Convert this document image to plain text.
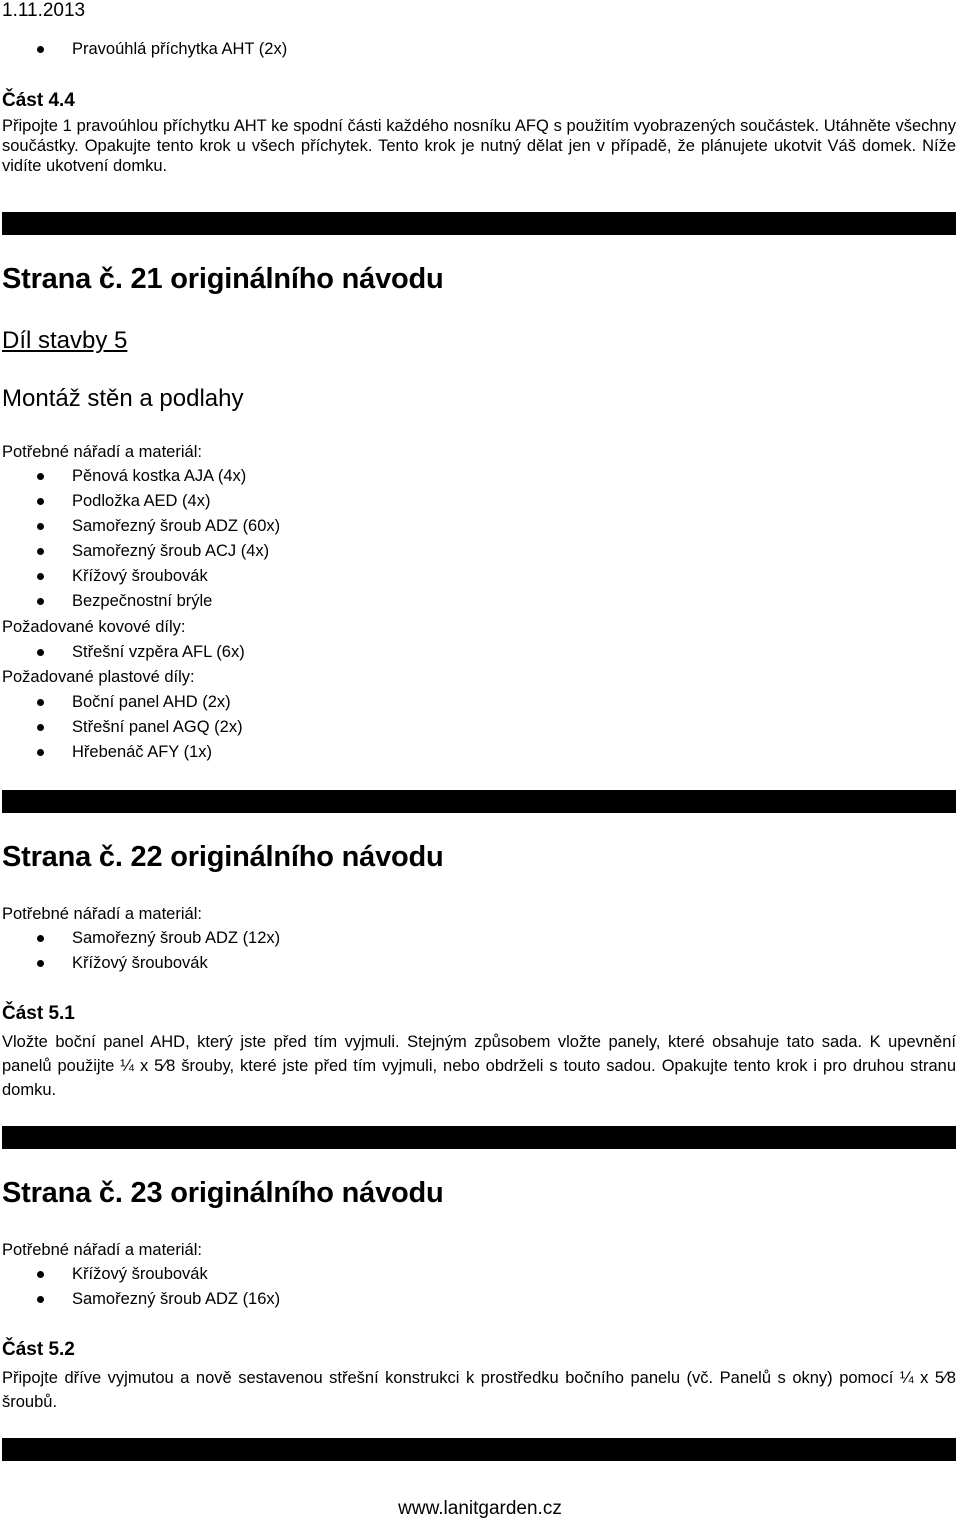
1.11.2013
Pravoúhlá příchytka AHT (2x)
Část 4.4
Připojte 1 pravoúhlou příchytku AHT ke spodní části každého nosníku AFQ s použitím vyobrazených součástek. Utáhněte všechny součástky. Opakujte tento krok u všech příchytek. Tento krok je nutný dělat jen v případě, že plánujete ukotvit Váš domek. Níže vidíte ukotvení domku.
Strana č. 21 originálního návodu
Díl stavby 5
Montáž stěn a podlahy
Potřebné nářadí a materiál:
Pěnová kostka AJA (4x)
Podložka AED (4x)
Samořezný šroub ADZ (60x)
Samořezný šroub ACJ (4x)
Křížový šroubovák
Bezpečnostní brýle
Požadované kovové díly:
Střešní vzpěra AFL (6x)
Požadované plastové díly:
Boční panel AHD (2x)
Střešní panel AGQ (2x)
Hřebenáč AFY (1x)
Strana č. 22 originálního návodu
Potřebné nářadí a materiál:
Samořezný šroub ADZ (12x)
Křížový šroubovák
Část 5.1
Vložte boční panel AHD, který jste před tím vyjmuli. Stejným způsobem vložte panely, které obsahuje tato sada. K upevnění panelů použijte ¼ x 5⁄8 šrouby, které jste před tím vyjmuli, nebo obdrželi s touto sadou. Opakujte tento krok i pro druhou stranu domku.
Strana č. 23 originálního návodu
Potřebné nářadí a materiál:
Křížový šroubovák
Samořezný šroub ADZ (16x)
Část 5.2
Připojte dříve vyjmutou a nově sestavenou střešní konstrukci k prostředku bočního panelu (vč. Panelů s okny) pomocí ¼ x 5⁄8 šroubů.
www.lanitgarden.cz
